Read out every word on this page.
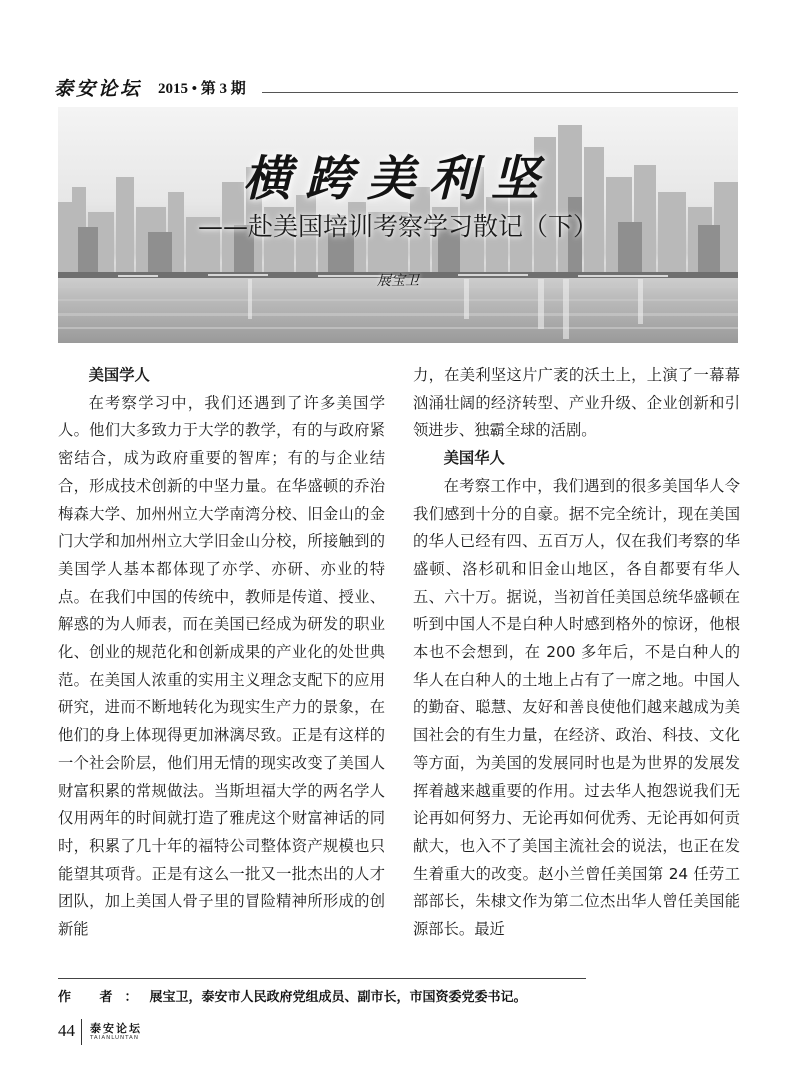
泰安论坛 2015 • 第 3 期
横跨美利坚
——赴美国培训考察学习散记（下）
展宝卫
美国学人

在考察学习中，我们还遇到了许多美国学人。他们大多致力于大学的教学，有的与政府紧密结合，成为政府重要的智库；有的与企业结合，形成技术创新的中坚力量。在华盛顿的乔治梅森大学、加州州立大学南湾分校、旧金山的金门大学和加州州立大学旧金山分校，所接触到的美国学人基本都体现了亦学、亦研、亦业的特点。在我们中国的传统中，教师是传道、授业、解惑的为人师表，而在美国已经成为研发的职业化、创业的规范化和创新成果的产业化的处世典范。在美国人浓重的实用主义理念支配下的应用研究，进而不断地转化为现实生产力的景象，在他们的身上体现得更加淋漓尽致。正是有这样的一个社会阶层，他们用无情的现实改变了美国人财富积累的常规做法。当斯坦福大学的两名学人仅用两年的时间就打造了雅虎这个财富神话的同时，积累了几十年的福特公司整体资产规模也只能望其项背。正是有这么一批又一批杰出的人才团队，加上美国人骨子里的冒险精神所形成的创新能

力，在美利坚这片广袤的沃土上，上演了一幕幕汹涌壮阔的经济转型、产业升级、企业创新和引领进步、独霸全球的活剧。

美国华人

在考察工作中，我们遇到的很多美国华人令我们感到十分的自豪。据不完全统计，现在美国的华人已经有四、五百万人，仅在我们考察的华盛顿、洛杉矶和旧金山地区，各自都要有华人五、六十万。据说，当初首任美国总统华盛顿在听到中国人不是白种人时感到格外的惊讶，他根本也不会想到，在 200 多年后，不是白种人的华人在白种人的土地上占有了一席之地。中国人的勤奋、聪慧、友好和善良使他们越来越成为美国社会的有生力量，在经济、政治、科技、文化等方面，为美国的发展同时也是为世界的发展发挥着越来越重要的作用。过去华人抱怨说我们无论再如何努力、无论再如何优秀、无论再如何贡献大，也入不了美国主流社会的说法，也正在发生着重大的改变。赵小兰曾任美国第 24 任劳工部部长，朱棣文作为第二位杰出华人曾任美国能源部长。最近

作 者：展宝卫，泰安市人民政府党组成员、副市长，市国资委党委书记。
44 泰安论坛
TAIANLUNTAN
